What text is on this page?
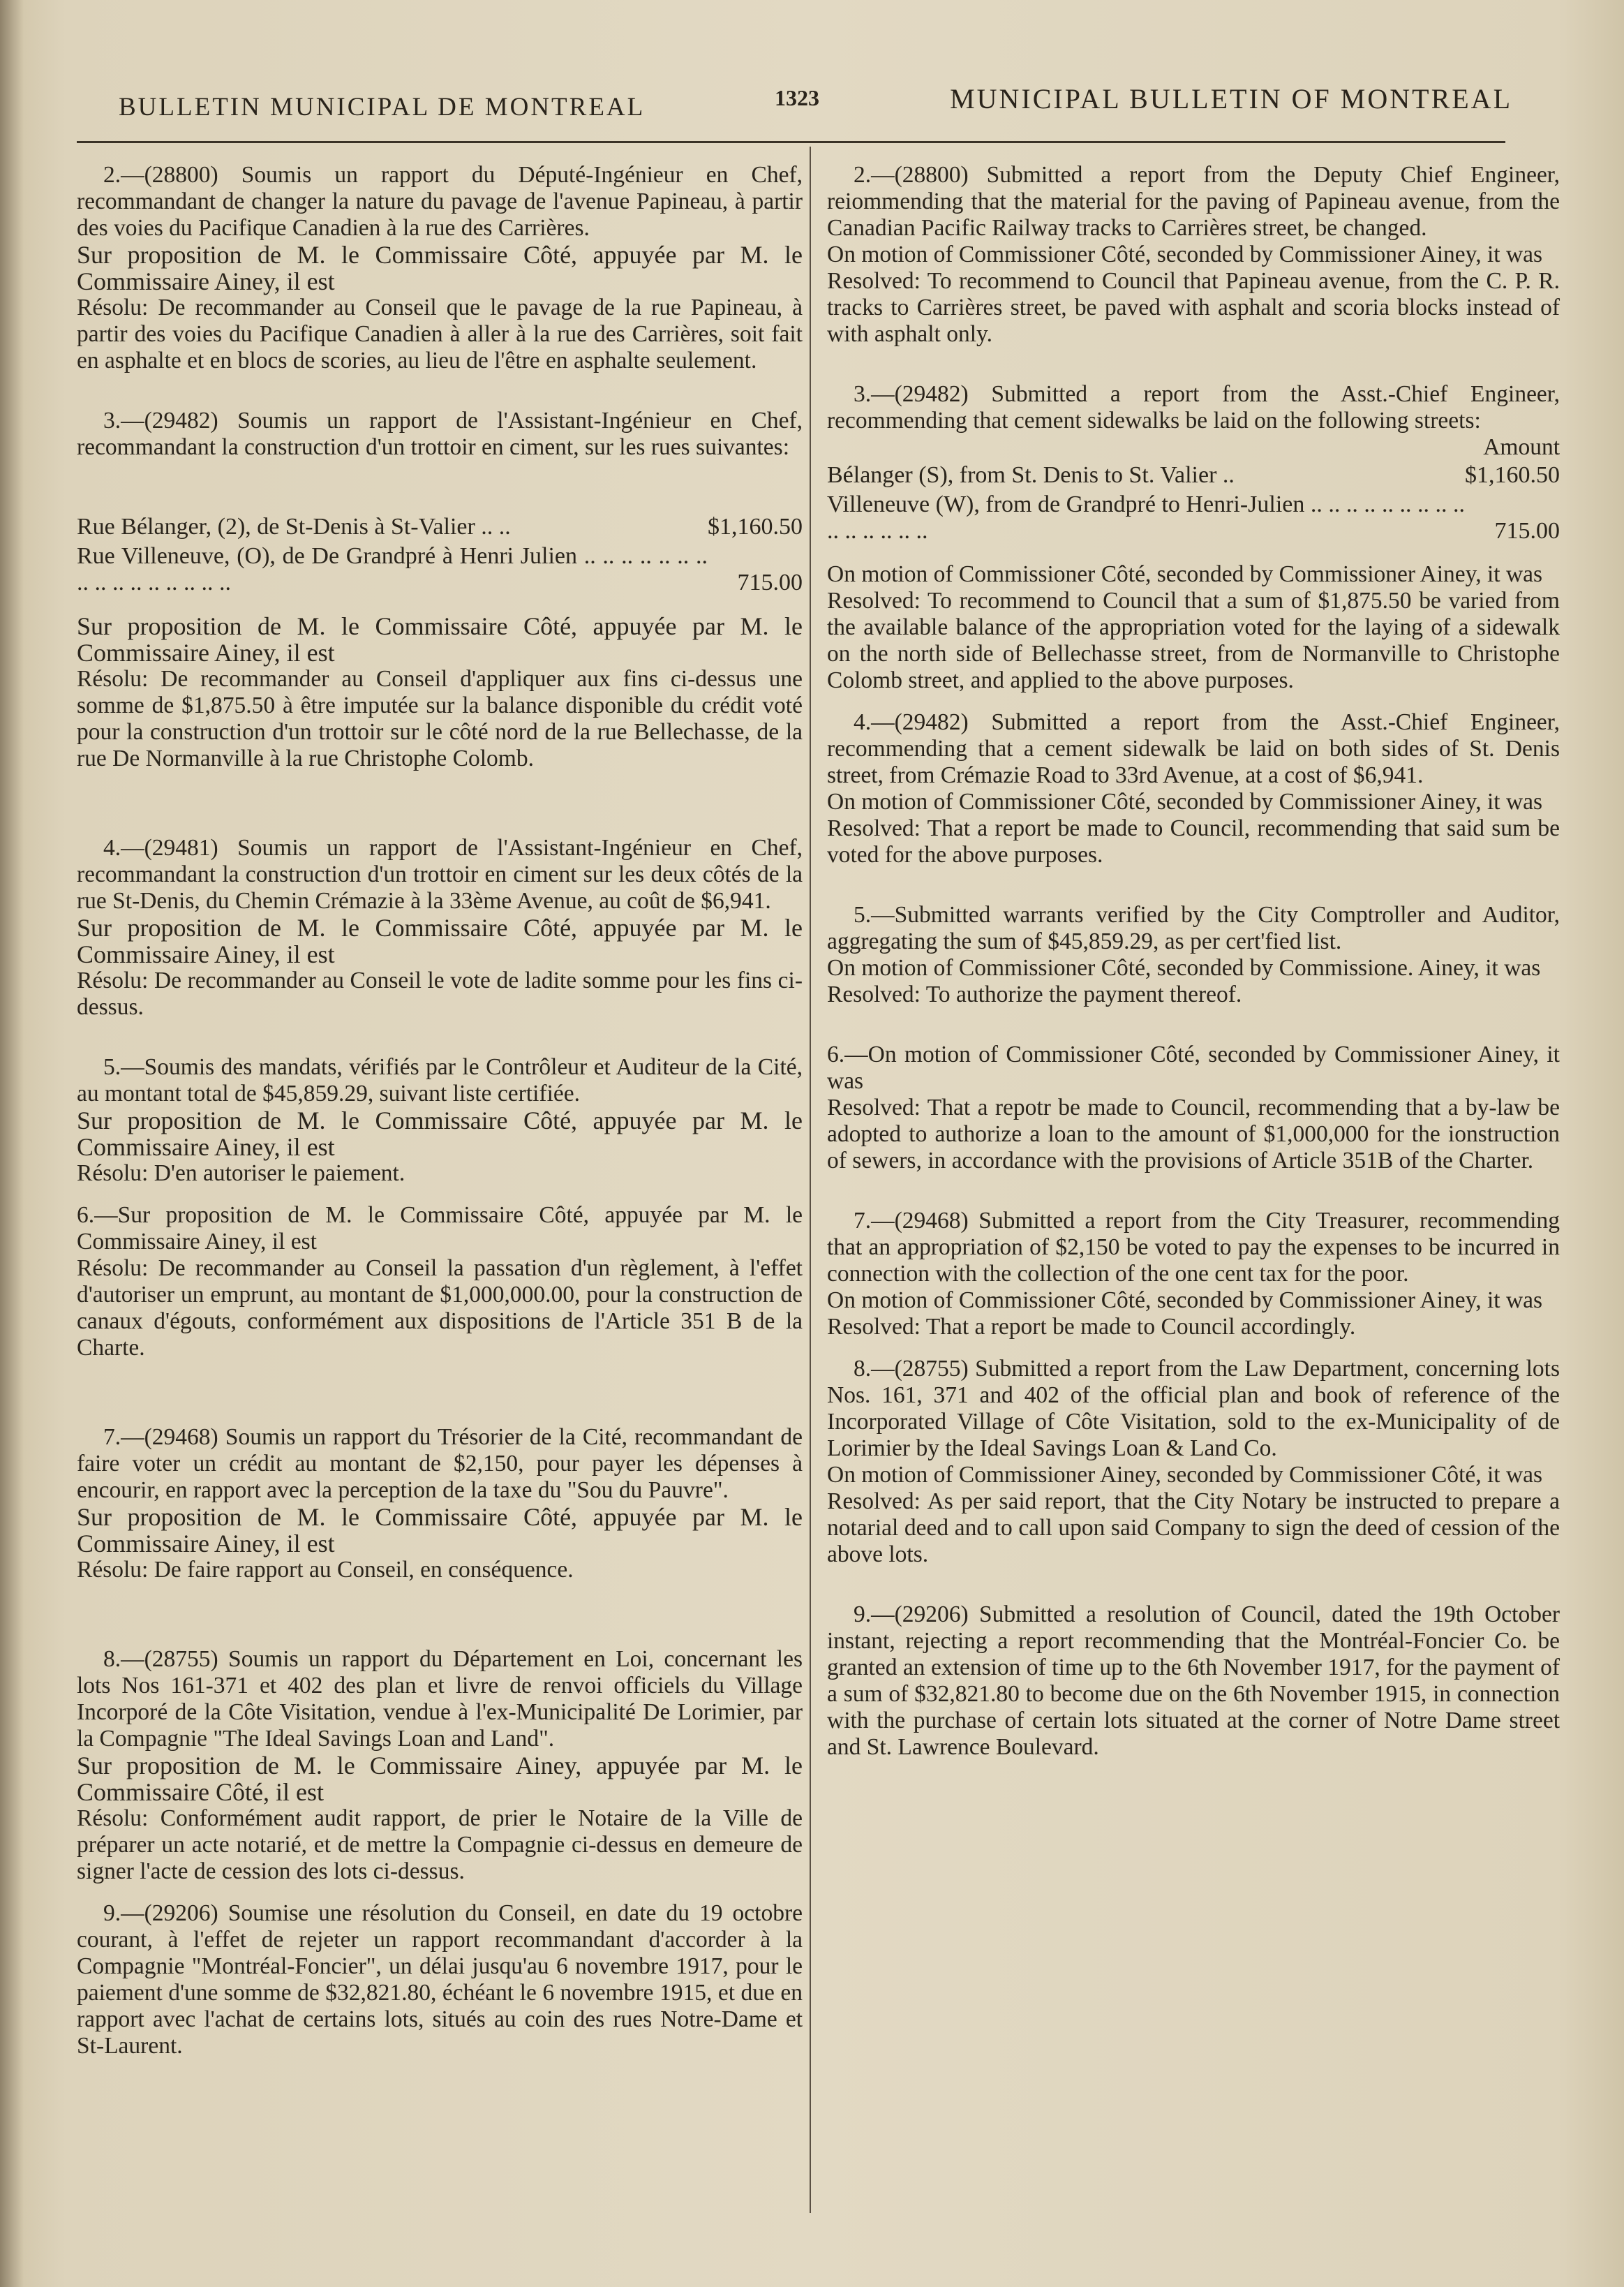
BULLETIN MUNICIPAL DE MONTREAL	1323	MUNICIPAL BULLETIN OF MONTREAL

2.—(28800) Soumis un rapport du Député-Ingénieur en Chef, recommandant de changer la nature du pavage de l'avenue Papineau, à partir des voies du Pacifique Canadien à la rue des Carrières.

Sur proposition de M. le Commissaire Côté, appuyée par M. le Commissaire Ainey, il est

Résolu: De recommander au Conseil que le pavage de la rue Papineau, à partir des voies du Pacifique Canadien à aller à la rue des Carrières, soit fait en asphalte et en blocs de scories, au lieu de l'être en asphalte seulement.

3.—(29482) Soumis un rapport de l'Assistant-Ingénieur en Chef, recommandant la construction d'un trottoir en ciment, sur les rues suivantes:

Rue Bélanger, (2), de St-Denis à St-Valier .. ..	$1,160.50
Rue Villeneuve, (O), de De Grandpré à Henri Julien .. .. .. .. .. .. .. .. .. .. .. .. .. .. .. ..	715.00

Sur proposition de M. le Commissaire Côté, appuyée par M. le Commissaire Ainey, il est

Résolu: De recommander au Conseil d'appliquer aux fins ci-dessus une somme de $1,875.50 à être imputée sur la balance disponible du crédit voté pour la construction d'un trottoir sur le côté nord de la rue Bellechasse, de la rue De Normanville à la rue Christophe Colomb.

4.—(29481) Soumis un rapport de l'Assistant-Ingénieur en Chef, recommandant la construction d'un trottoir en ciment sur les deux côtés de la rue St-Denis, du Chemin Crémazie à la 33ème Avenue, au coût de $6,941.

Sur proposition de M. le Commissaire Côté, appuyée par M. le Commissaire Ainey, il est

Résolu: De recommander au Conseil le vote de ladite somme pour les fins ci-dessus.

5.—Soumis des mandats, vérifiés par le Contrôleur et Auditeur de la Cité, au montant total de $45,859.29, suivant liste certifiée.

Sur proposition de M. le Commissaire Côté, appuyée par M. le Commissaire Ainey, il est

Résolu: D'en autoriser le paiement.

6.—Sur proposition de M. le Commissaire Côté, appuyée par M. le Commissaire Ainey, il est

Résolu: De recommander au Conseil la passation d'un règlement, à l'effet d'autoriser un emprunt, au montant de $1,000,000.00, pour la construction de canaux d'égouts, conformément aux dispositions de l'Article 351 B de la Charte.

7.—(29468) Soumis un rapport du Trésorier de la Cité, recommandant de faire voter un crédit au montant de $2,150, pour payer les dépenses à encourir, en rapport avec la perception de la taxe du "Sou du Pauvre".

Sur proposition de M. le Commissaire Côté, appuyée par M. le Commissaire Ainey, il est

Résolu: De faire rapport au Conseil, en conséquence.

8.—(28755) Soumis un rapport du Département en Loi, concernant les lots Nos 161-371 et 402 des plan et livre de renvoi officiels du Village Incorporé de la Côte Visitation, vendue à l'ex-Municipalité De Lorimier, par la Compagnie "The Ideal Savings Loan and Land".

Sur proposition de M. le Commissaire Ainey, appuyée par M. le Commissaire Côté, il est

Résolu: Conformément audit rapport, de prier le Notaire de la Ville de préparer un acte notarié, et de mettre la Compagnie ci-dessus en demeure de signer l'acte de cession des lots ci-dessus.

9.—(29206) Soumise une résolution du Conseil, en date du 19 octobre courant, à l'effet de rejeter un rapport recommandant d'accorder à la Compagnie "Montréal-Foncier", un délai jusqu'au 6 novembre 1917, pour le paiement d'une somme de $32,821.80, échéant le 6 novembre 1915, et due en rapport avec l'achat de certains lots, situés au coin des rues Notre-Dame et St-Laurent.

2.—(28800) Submitted a report from the Deputy Chief Engineer, reiommending that the material for the paving of Papineau avenue, from the Canadian Pacific Railway tracks to Carrières street, be changed.

On motion of Commissioner Côté, seconded by Commissioner Ainey, it was

Resolved: To recommend to Council that Papineau avenue, from the C. P. R. tracks to Carrières street, be paved with asphalt and scoria blocks instead of with asphalt only.

3.—(29482) Submitted a report from the Asst.-Chief Engineer, recommending that cement sidewalks be laid on the following streets:

Amount

Bélanger (S), from St. Denis to St. Valier ..	$1,160.50
Villeneuve (W), from de Grandpré to Henri-Julien .. .. .. .. .. .. .. .. .. .. .. .. .. .. ..	715.00

On motion of Commissioner Côté, seconded by Commissioner Ainey, it was

Resolved: To recommend to Council that a sum of $1,875.50 be varied from the available balance of the appropriation voted for the laying of a sidewalk on the north side of Bellechasse street, from de Normanville to Christophe Colomb street, and applied to the above purposes.

4.—(29482) Submitted a report from the Asst.-Chief Engineer, recommending that a cement sidewalk be laid on both sides of St. Denis street, from Crémazie Road to 33rd Avenue, at a cost of $6,941.

On motion of Commissioner Côté, seconded by Commissioner Ainey, it was

Resolved: That a report be made to Council, recommending that said sum be voted for the above purposes.

5.—Submitted warrants verified by the City Comptroller and Auditor, aggregating the sum of $45,859.29, as per cert'fied list.

On motion of Commissioner Côté, seconded by Commissione. Ainey, it was

Resolved: To authorize the payment thereof.

6.—On motion of Commissioner Côté, seconded by Commissioner Ainey, it was

Resolved: That a repotr be made to Council, recommending that a by-law be adopted to authorize a loan to the amount of $1,000,000 for the ionstruction of sewers, in accordance with the provisions of Article 351B of the Charter.

7.—(29468) Submitted a report from the City Treasurer, recommending that an appropriation of $2,150 be voted to pay the expenses to be incurred in connection with the collection of the one cent tax for the poor.

On motion of Commissioner Côté, seconded by Commissioner Ainey, it was

Resolved: That a report be made to Council accordingly.

8.—(28755) Submitted a report from the Law Department, concerning lots Nos. 161, 371 and 402 of the official plan and book of reference of the Incorporated Village of Côte Visitation, sold to the ex-Municipality of de Lorimier by the Ideal Savings Loan & Land Co.

On motion of Commissioner Ainey, seconded by Commissioner Côté, it was

Resolved: As per said report, that the City Notary be instructed to prepare a notarial deed and to call upon said Company to sign the deed of cession of the above lots.

9.—(29206) Submitted a resolution of Council, dated the 19th October instant, rejecting a report recommending that the Montréal-Foncier Co. be granted an extension of time up to the 6th November 1917, for the payment of a sum of $32,821.80 to become due on the 6th November 1915, in connection with the purchase of certain lots situated at the corner of Notre Dame street and St. Lawrence Boulevard.
